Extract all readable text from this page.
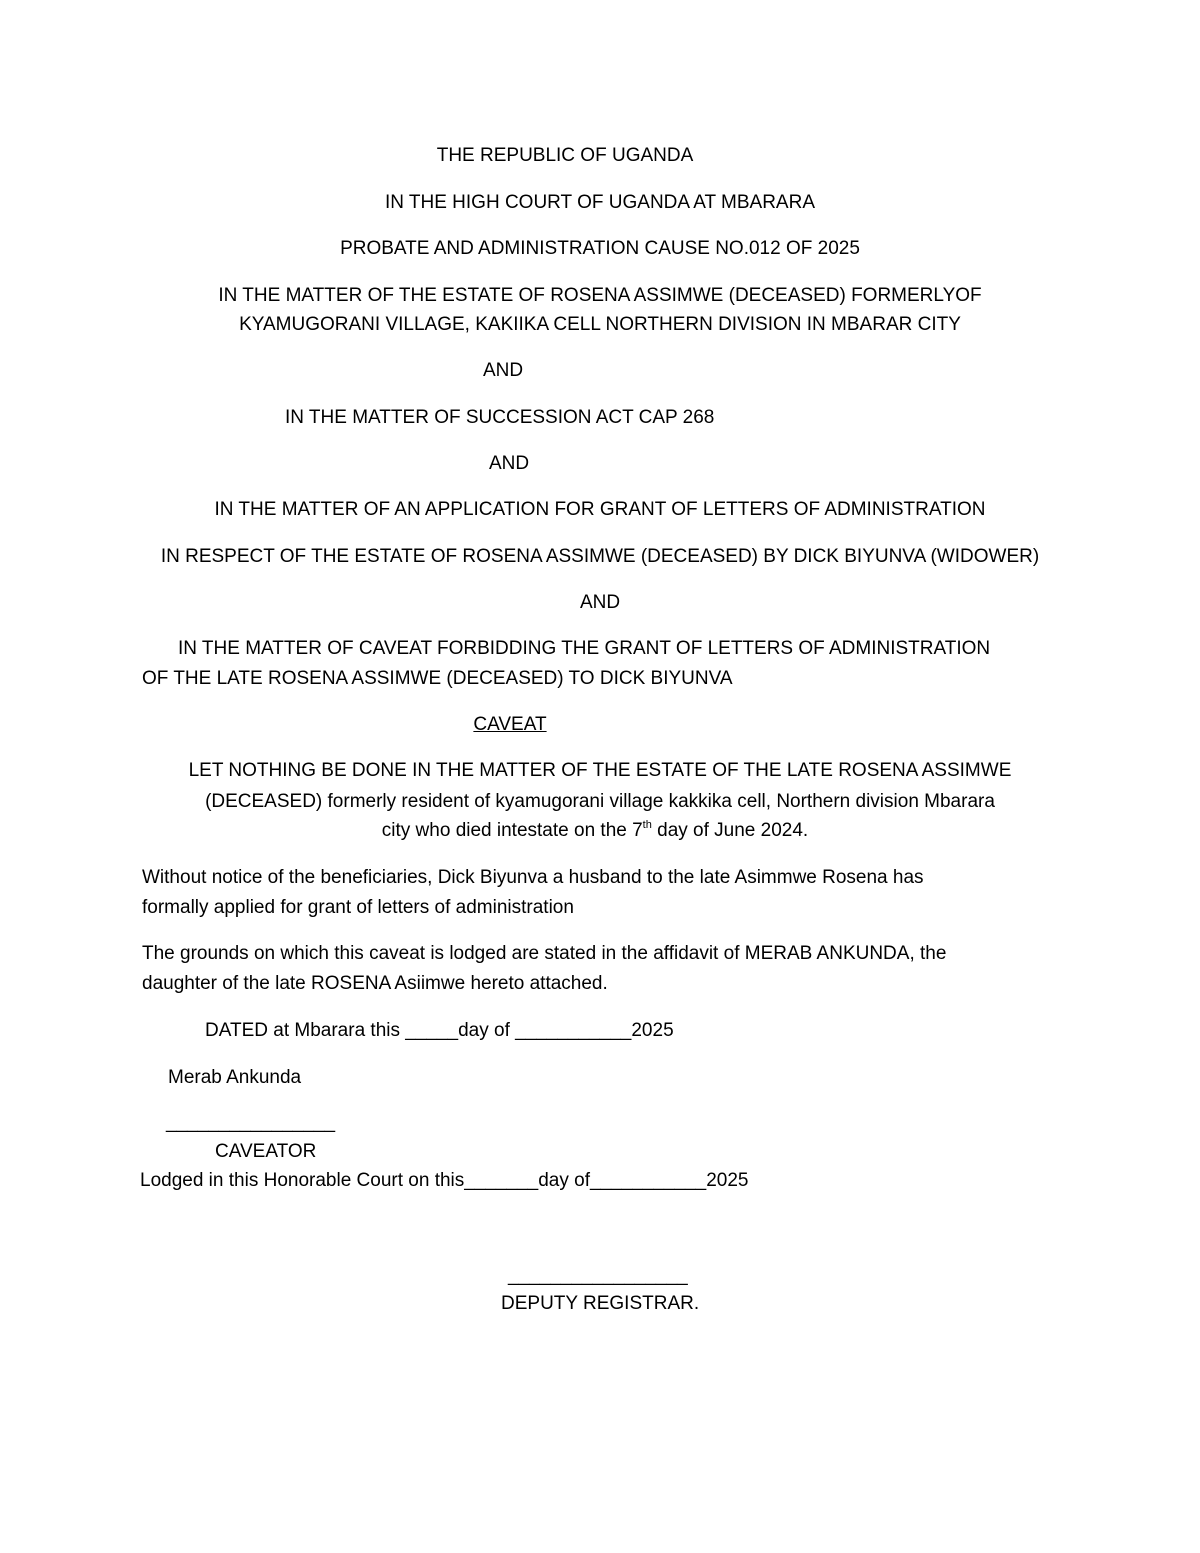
THE REPUBLIC OF UGANDA
IN THE HIGH COURT OF UGANDA AT MBARARA
PROBATE AND ADMINISTRATION CAUSE NO.012 OF 2025
IN THE MATTER OF THE ESTATE OF ROSENA ASSIMWE (DECEASED) FORMERLYOF
KYAMUGORANI VILLAGE, KAKIIKA CELL NORTHERN DIVISION IN MBARAR CITY
AND
IN THE MATTER OF SUCCESSION ACT CAP 268
AND
IN THE MATTER OF AN APPLICATION FOR GRANT OF LETTERS OF ADMINISTRATION
IN RESPECT OF THE ESTATE OF ROSENA ASSIMWE (DECEASED) BY DICK BIYUNVA (WIDOWER)
AND
IN THE MATTER OF CAVEAT FORBIDDING THE GRANT OF LETTERS OF ADMINISTRATION
OF THE LATE ROSENA ASSIMWE (DECEASED) TO DICK BIYUNVA
CAVEAT
LET NOTHING BE DONE IN THE MATTER OF THE ESTATE OF THE LATE ROSENA ASSIMWE
(DECEASED) formerly resident of kyamugorani village kakkika cell, Northern division Mbarara
city who died intestate on the 7th day of June 2024.
Without notice of the beneficiaries, Dick Biyunva a husband to the late Asimmwe Rosena has
formally applied for grant of letters of administration
The grounds on which this caveat is lodged are stated in the affidavit of MERAB ANKUNDA, the
daughter of the late ROSENA Asiimwe hereto attached.
DATED at Mbarara this _____day of ___________2025
Merab Ankunda
________________
CAVEATOR
Lodged in this Honorable Court on this_______day of___________2025
_________________
DEPUTY REGISTRAR.
